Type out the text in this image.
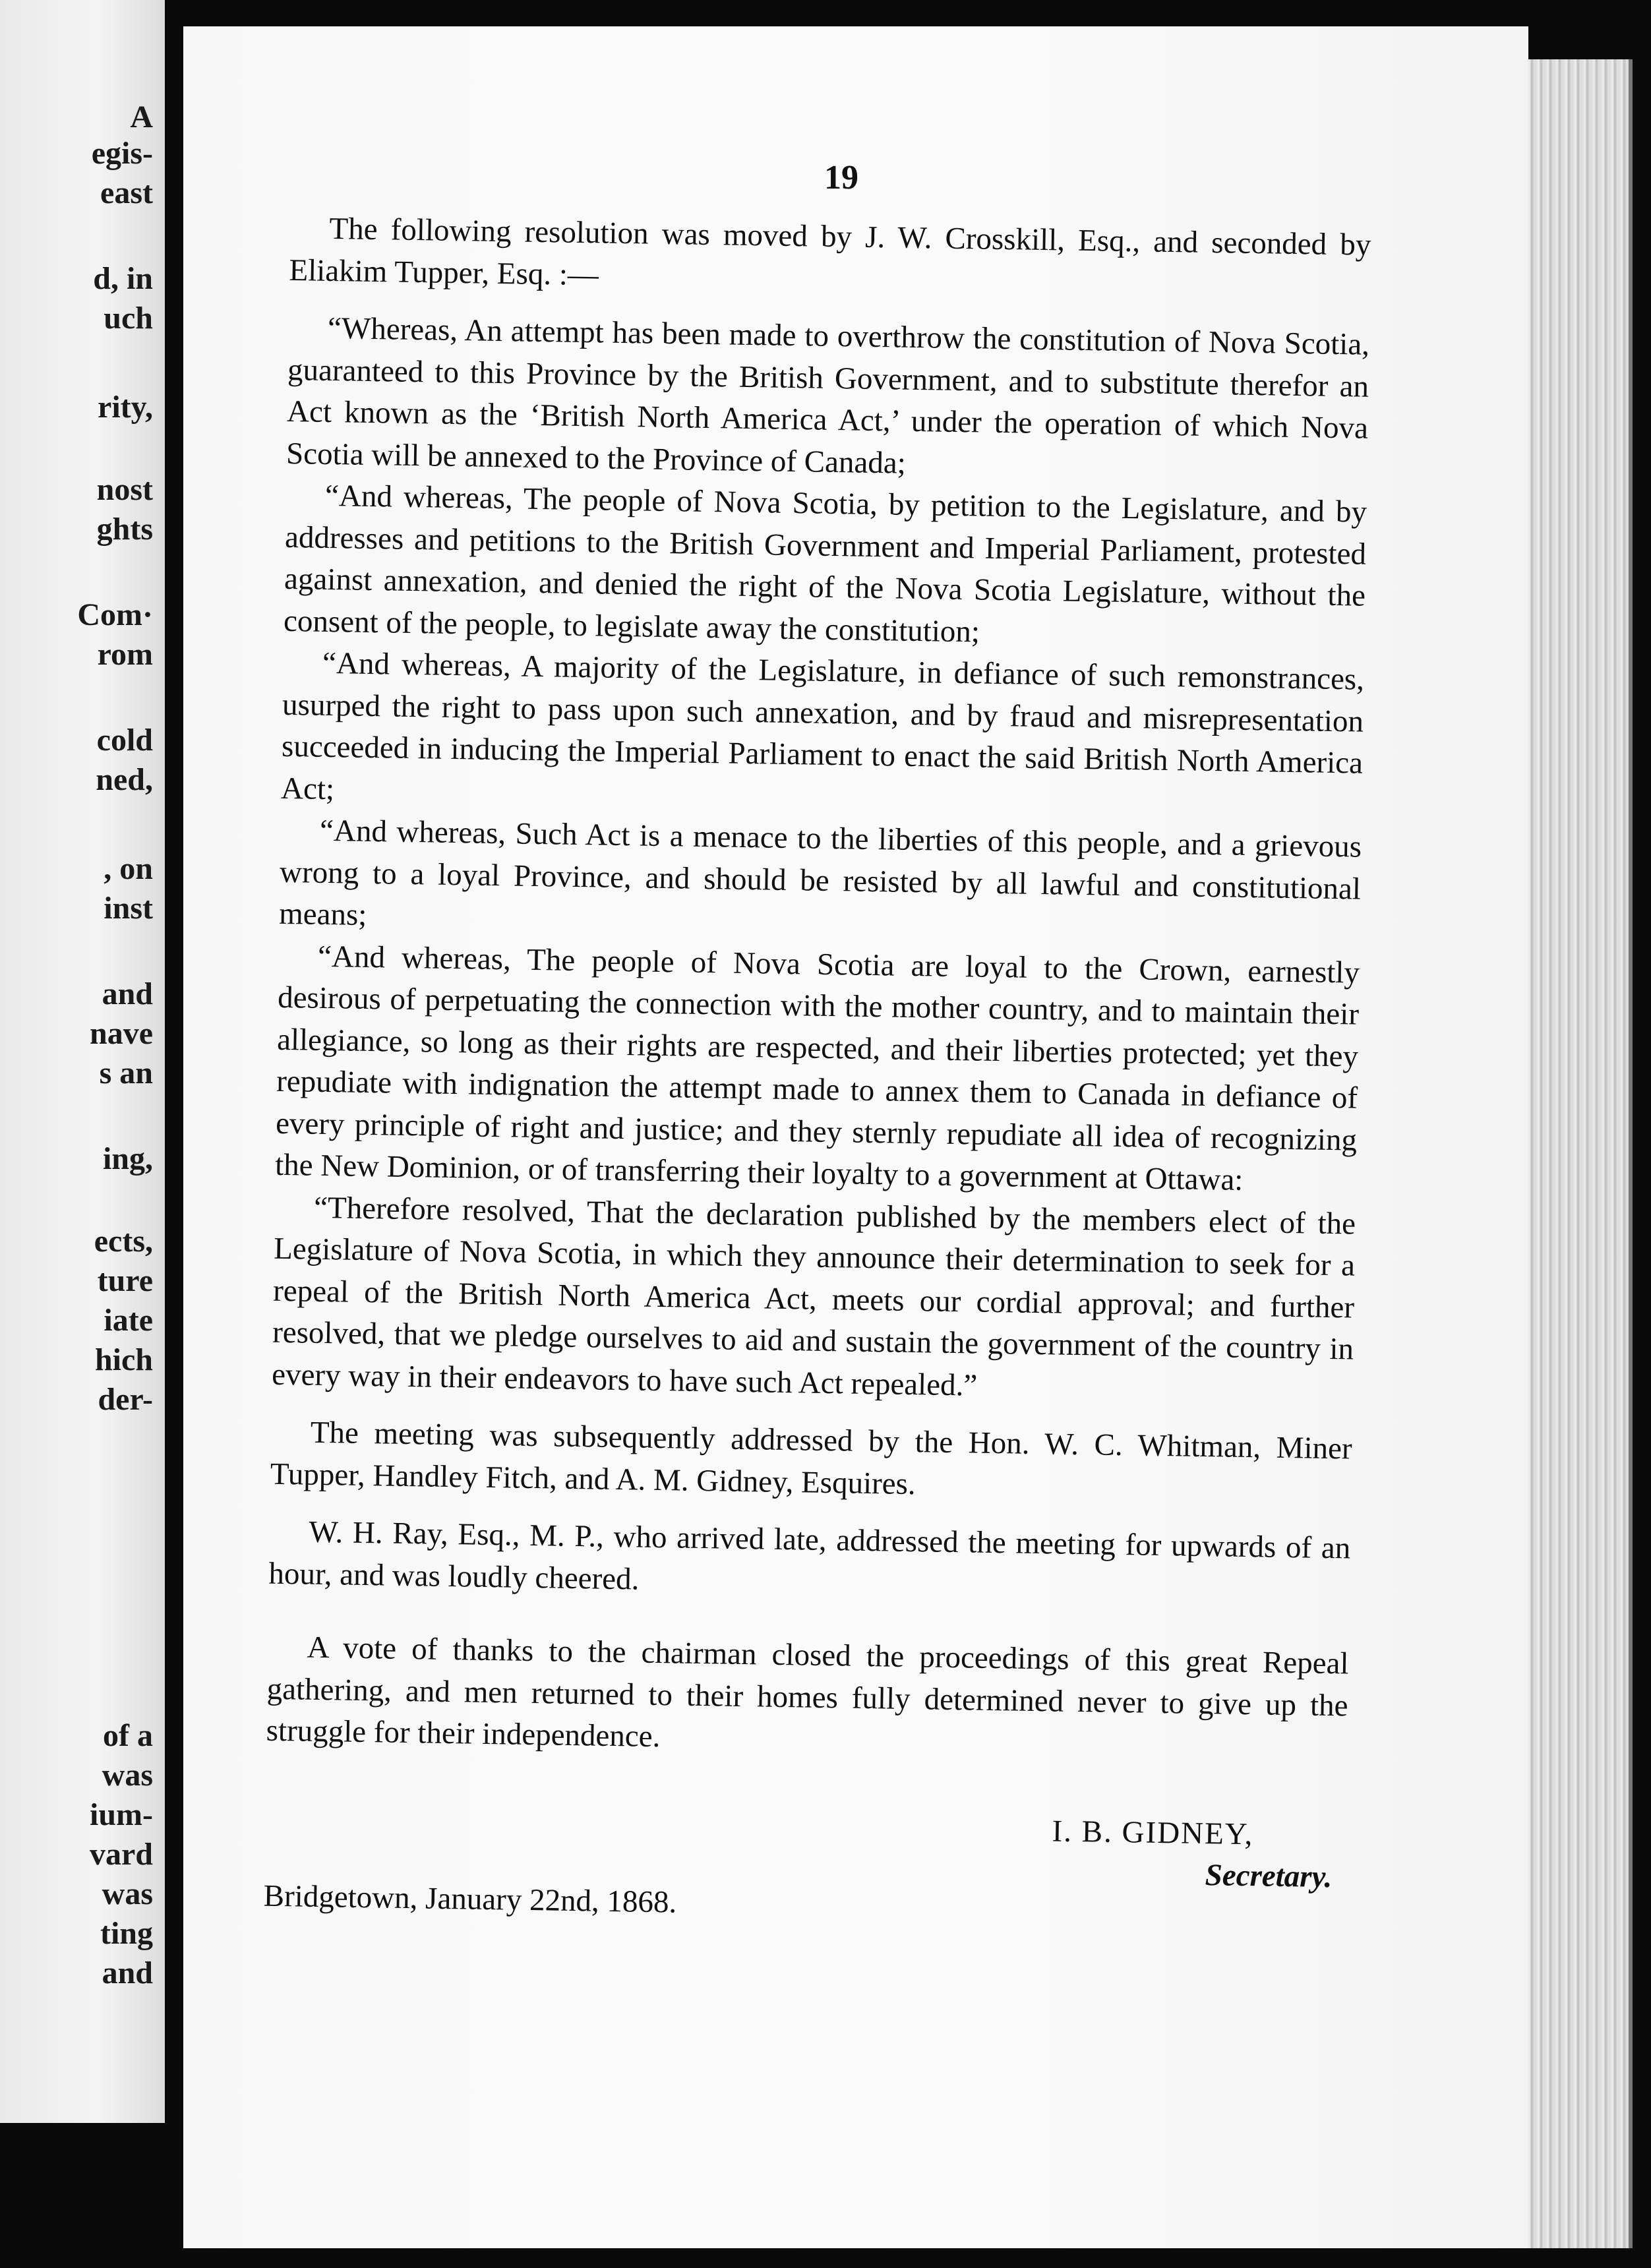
A
egis-
east
d, in
uch
rity,
nost
ghts
Com·
rom
cold
ned,
, on
inst
and
nave
s an
ing,
ects,
ture
iate
hich
der-
of a
was
ium-
vard
was
ting
and
19

The following resolution was moved by J. W. Crosskill, Esq., and seconded by Eliakim Tupper, Esq. :—

“Whereas, An attempt has been made to overthrow the constitution of Nova Scotia, guaranteed to this Province by the British Government, and to substitute therefor an Act known as the ‘British North America Act,’ under the operation of which Nova Scotia will be annexed to the Province of Canada;

“And whereas, The people of Nova Scotia, by petition to the Legislature, and by addresses and petitions to the British Government and Imperial Parliament, protested against annexation, and denied the right of the Nova Scotia Legislature, without the consent of the people, to legislate away the constitution;

“And whereas, A majority of the Legislature, in defiance of such remonstrances, usurped the right to pass upon such annexation, and by fraud and misrepresentation succeeded in inducing the Imperial Parliament to enact the said British North America Act;

“And whereas, Such Act is a menace to the liberties of this people, and a grievous wrong to a loyal Province, and should be resisted by all lawful and constitutional means;

“And whereas, The people of Nova Scotia are loyal to the Crown, earnestly desirous of perpetuating the connection with the mother country, and to maintain their allegiance, so long as their rights are respected, and their liberties protected; yet they repudiate with indignation the attempt made to annex them to Canada in defiance of every principle of right and justice; and they sternly repudiate all idea of recognizing the New Dominion, or of transferring their loyalty to a government at Ottawa:

“Therefore resolved, That the declaration published by the members elect of the Legislature of Nova Scotia, in which they announce their determination to seek for a repeal of the British North America Act, meets our cordial approval; and further resolved, that we pledge ourselves to aid and sustain the government of the country in every way in their endeavors to have such Act repealed.”

The meeting was subsequently addressed by the Hon. W. C. Whitman, Miner Tupper, Handley Fitch, and A. M. Gidney, Esquires.

W. H. Ray, Esq., M. P., who arrived late, addressed the meeting for upwards of an hour, and was loudly cheered.

A vote of thanks to the chairman closed the proceedings of this great Repeal gathering, and men returned to their homes fully determined never to give up the struggle for their independence.

I. B. GIDNEY,

Secretary.

Bridgetown, January 22nd, 1868.
